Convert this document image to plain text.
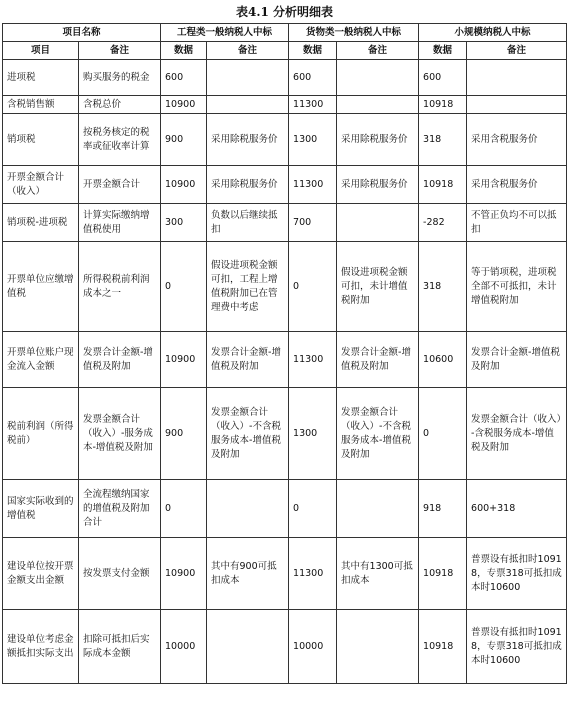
表4.1 分析明细表
项目名称		工程类一般纳税人中标		货物类一般纳税人中标		小规模纳税人中标	
项目	备注	数据	备注	数据	备注	数据	备注
进项税	购买服务的税金	600		600		600	
含税销售额	含税总价	10900		11300		10918	
销项税	按税务核定的税率或征收率计算	900	采用除税服务价	1300	采用除税服务价	318	采用含税服务价
开票金额合计（收入）	开票金额合计	10900	采用除税服务价	11300	采用除税服务价	10918	采用含税服务价
销项税-进项税	计算实际缴纳增值税使用	300	负数以后继续抵扣	700		-282	不管正负均不可以抵扣
开票单位应缴增值税	所得税税前利润成本之一	0	假设进项税金额可扣，工程上增值税附加已在管理费中考虑	0	假设进项税金额可扣，未计增值税附加	318	等于销项税，进项税全部不可抵扣，未计增值税附加
开票单位账户现金流入金额	发票合计金额-增值税及附加	10900	发票合计金额-增值税及附加	11300	发票合计金额-增值税及附加	10600	发票合计金额-增值税及附加
税前利润（所得税前）	发票金额合计（收入）-服务成本-增值税及附加	900	发票金额合计（收入）-不含税服务成本-增值税及附加	1300	发票金额合计（收入）-不含税服务成本-增值税及附加	0	发票金额合计（收入）-含税服务成本-增值税及附加
国家实际收到的增值税	全流程缴纳国家的增值税及附加合计	0		0		918	600+318
建设单位按开票金额支出金额	按发票支付金额	10900	其中有900可抵扣成本	11300	其中有1300可抵扣成本	10918	普票设有抵扣时10918，专票318可抵扣成本时10600
建设单位考虑金额抵扣实际支出	扣除可抵扣后实际成本金额	10000		10000		10918	普票设有抵扣时10918，专票318可抵扣成本时10600
